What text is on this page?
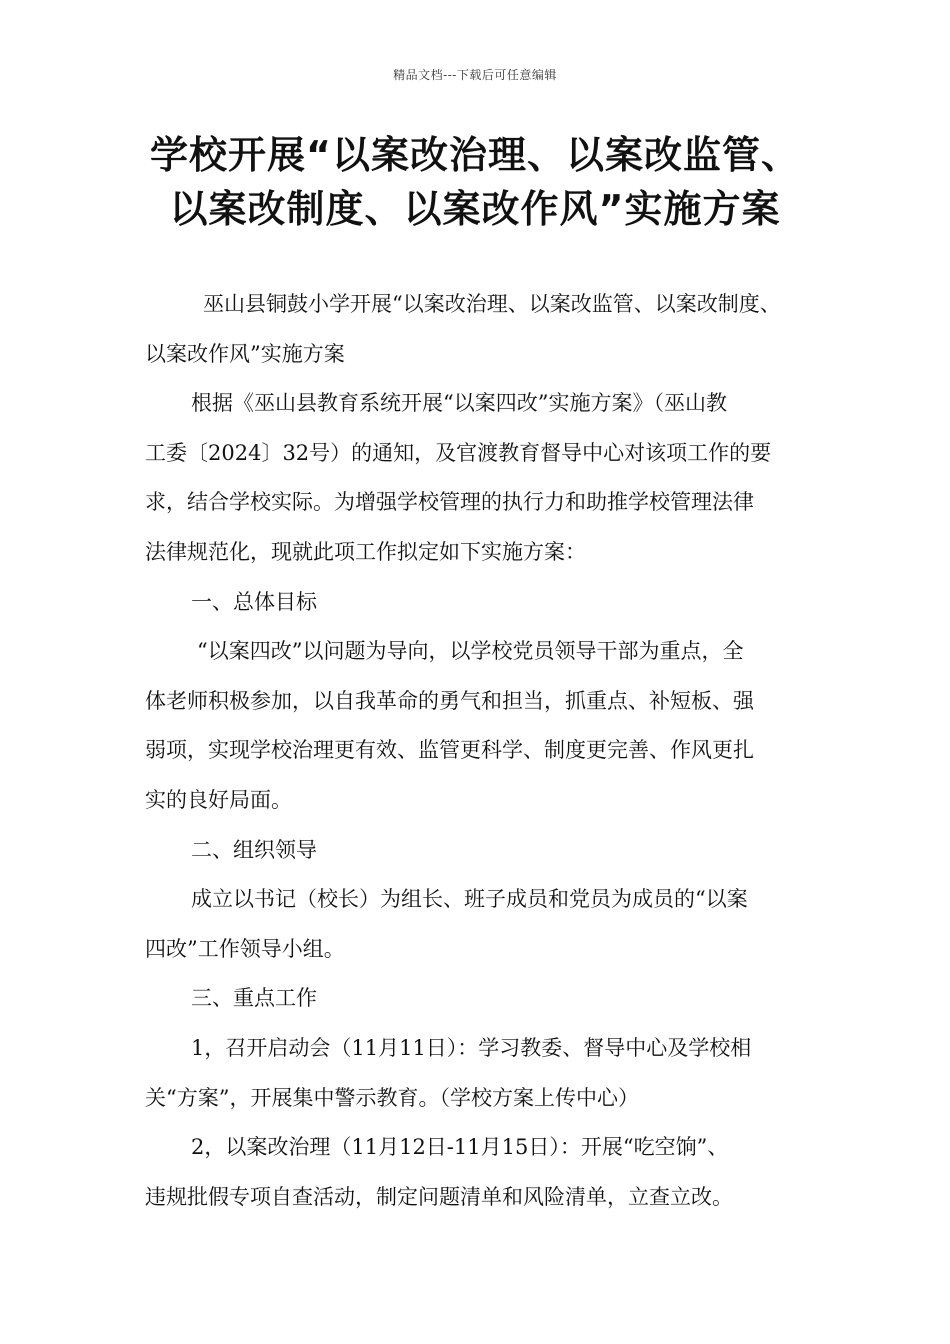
精品文档---下载后可任意编辑
学校开展“以案改治理、以案改监管、
以案改制度、以案改作风”实施方案

巫山县铜鼓小学开展“以案改治理、以案改监管、以案改制度、

以案改作风”实施方案

根据《巫山县教育系统开展“以案四改”实施方案》（巫山教

工委〔2024〕32号）的通知，及官渡教育督导中心对该项工作的要

求，结合学校实际。为增强学校管理的执行力和助推学校管理法律

法律规范化，现就此项工作拟定如下实施方案：

一、总体目标

“以案四改”以问题为导向，以学校党员领导干部为重点，全

体老师积极参加，以自我革命的勇气和担当，抓重点、补短板、强

弱项，实现学校治理更有效、监管更科学、制度更完善、作风更扎

实的良好局面。

二、组织领导

成立以书记（校长）为组长、班子成员和党员为成员的“以案

四改”工作领导小组。

三、重点工作

1，召开启动会（11月11日）：学习教委、督导中心及学校相

关“方案”，开展集中警示教育。（学校方案上传中心）

2，以案改治理（11月12日-11月15日）：开展“吃空饷”、

违规批假专项自查活动，制定问题清单和风险清单，立查立改。
